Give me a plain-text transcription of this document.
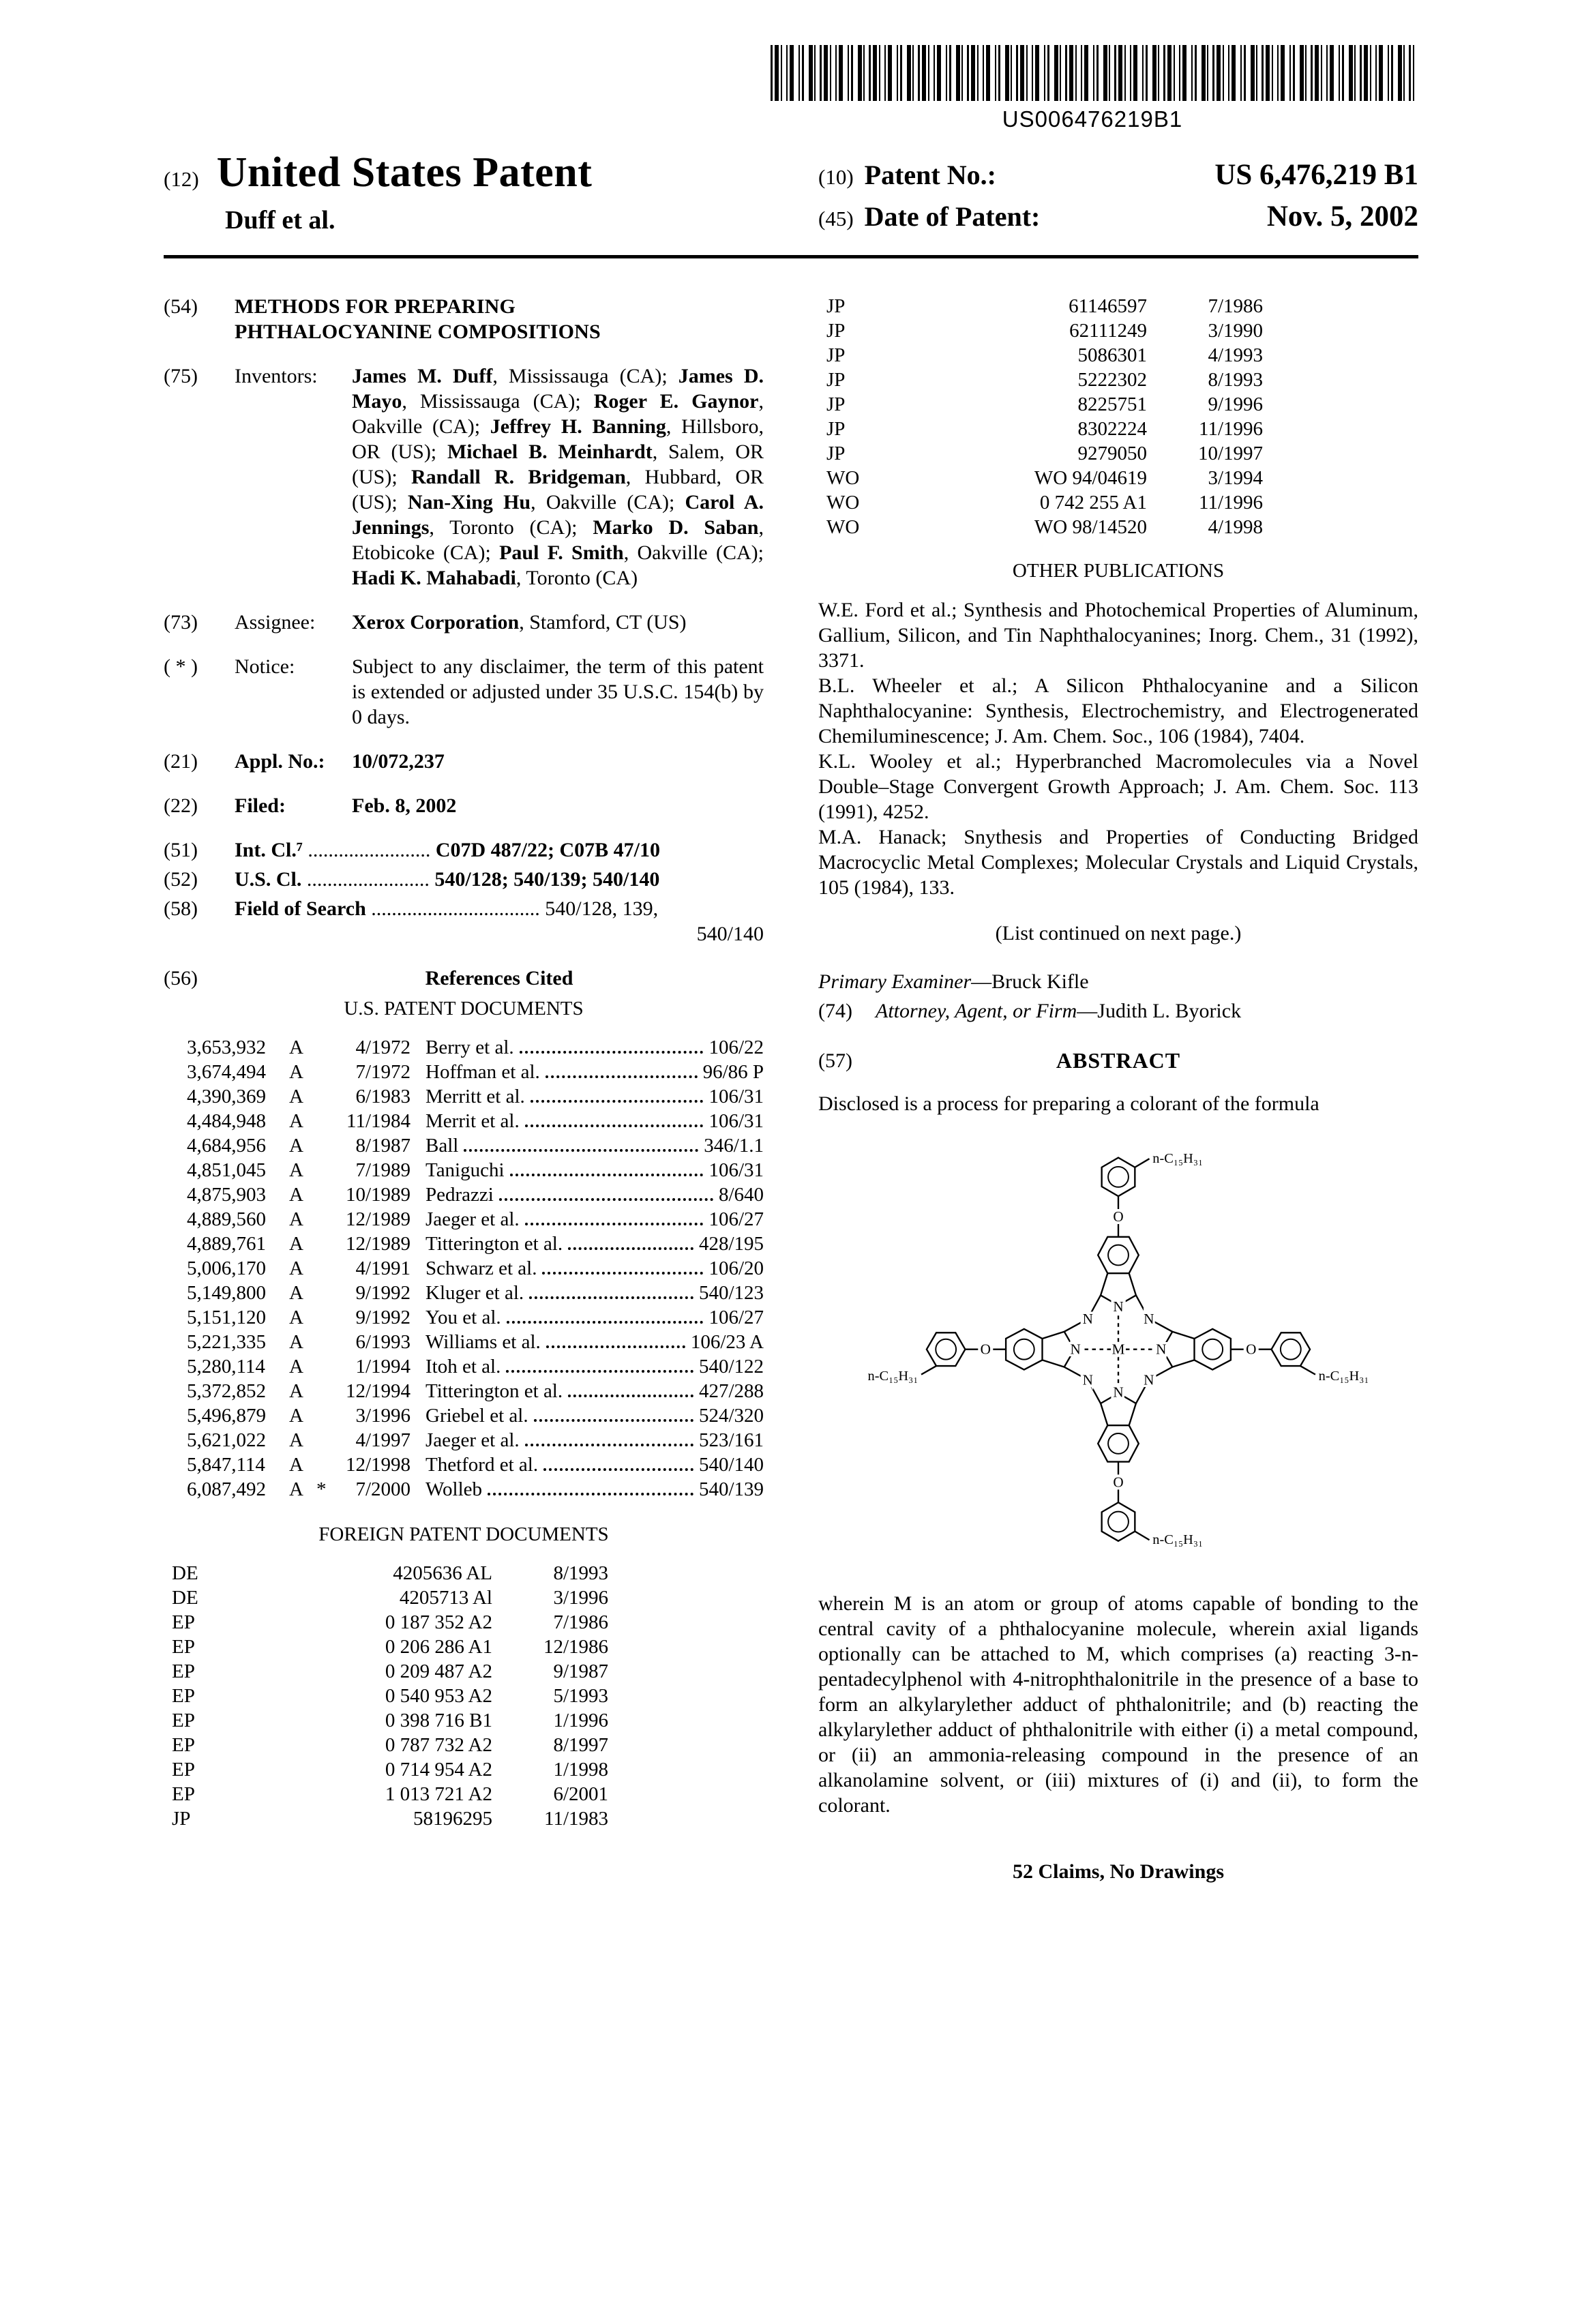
US006476219B1
(12) United States Patent
Duff et al.
(10) Patent No.:	US 6,476,219 B1
(45) Date of Patent:	Nov. 5, 2002
(54)	METHODS FOR PREPARING PHTHALOCYANINE COMPOSITIONS
(75)	Inventors:	James M. Duff, Mississauga (CA); James D. Mayo, Mississauga (CA); Roger E. Gaynor, Oakville (CA); Jeffrey H. Banning, Hillsboro, OR (US); Michael B. Meinhardt, Salem, OR (US); Randall R. Bridgeman, Hubbard, OR (US); Nan-Xing Hu, Oakville (CA); Carol A. Jennings, Toronto (CA); Marko D. Saban, Etobicoke (CA); Paul F. Smith, Oakville (CA); Hadi K. Mahabadi, Toronto (CA)
(73)	Assignee:	Xerox Corporation, Stamford, CT (US)
( * )	Notice:	Subject to any disclaimer, the term of this patent is extended or adjusted under 35 U.S.C. 154(b) by 0 days.
(21)	Appl. No.:	10/072,237
(22)	Filed:	Feb. 8, 2002
(51)	Int. Cl.⁷ ........................ C07D 487/22; C07B 47/10
(52)	U.S. Cl. ........................ 540/128; 540/139; 540/140
(58)	Field of Search ................................. 540/128, 139,
540/140
(56)	References Cited
U.S. PATENT DOCUMENTS
3,653,932	A	4/1972 Berry et al.	106/22
3,674,494	A	7/1972 Hoffman et al.	96/86 P
4,390,369	A	6/1983 Merritt et al.	106/31
4,484,948	A	11/1984 Merrit et al.	106/31
4,684,956	A	8/1987 Ball	346/1.1
4,851,045	A	7/1989 Taniguchi	106/31
4,875,903	A	10/1989 Pedrazzi	8/640
4,889,560	A	12/1989 Jaeger et al.	106/27
4,889,761	A	12/1989 Titterington et al.	428/195
5,006,170	A	4/1991 Schwarz et al.	106/20
5,149,800	A	9/1992 Kluger et al.	540/123
5,151,120	A	9/1992 You et al.	106/27
5,221,335	A	6/1993 Williams et al.	106/23 A
5,280,114	A	1/1994 Itoh et al.	540/122
5,372,852	A	12/1994 Titterington et al.	427/288
5,496,879	A	3/1996 Griebel et al.	524/320
5,621,022	A	4/1997 Jaeger et al.	523/161
5,847,114	A	12/1998 Thetford et al.	540/140
6,087,492	A *	7/2000 Wolleb	540/139
FOREIGN PATENT DOCUMENTS
DE	4205636 AL	8/1993
DE	4205713 Al	3/1996
EP	0 187 352 A2	7/1986
EP	0 206 286 A1	12/1986
EP	0 209 487 A2	9/1987
EP	0 540 953 A2	5/1993
EP	0 398 716 B1	1/1996
EP	0 787 732 A2	8/1997
EP	0 714 954 A2	1/1998
EP	1 013 721 A2	6/2001
JP	58196295	11/1983
JP	61146597	7/1986
JP	62111249	3/1990
JP	5086301	4/1993
JP	5222302	8/1993
JP	8225751	9/1996
JP	8302224	11/1996
JP	9279050	10/1997
WO	WO 94/04619	3/1994
WO	0 742 255 A1	11/1996
WO	WO 98/14520	4/1998
OTHER PUBLICATIONS

W.E. Ford et al.; Synthesis and Photochemical Properties of Aluminum, Gallium, Silicon, and Tin Naphthalocyanines; Inorg. Chem., 31 (1992), 3371.

B.L. Wheeler et al.; A Silicon Phthalocyanine and a Silicon Naphthalocyanine: Synthesis, Electrochemistry, and Electrogenerated Chemiluminescence; J. Am. Chem. Soc., 106 (1984), 7404.

K.L. Wooley et al.; Hyperbranched Macromolecules via a Novel Double–Stage Convergent Growth Approach; J. Am. Chem. Soc. 113 (1991), 4252.

M.A. Hanack; Snythesis and Properties of Conducting Bridged Macrocyclic Metal Complexes; Molecular Crystals and Liquid Crystals, 105 (1984), 133.

(List continued on next page.)
Primary Examiner—Bruck Kifle
(74)	Attorney, Agent, or Firm—Judith L. Byorick
(57)	ABSTRACT
Disclosed is a process for preparing a colorant of the formula
M
N
N
N	N
N	N
N	N
O
O
O	O
n-C₁₅H₃₁
n-C₁₅H₃₁
n-C₁₅H₃₁
n-C₁₅H₃₁
wherein M is an atom or group of atoms capable of bonding to the central cavity of a phthalocyanine molecule, wherein axial ligands optionally can be attached to M, which comprises (a) reacting 3-n-pentadecylphenol with 4-nitrophthalonitrile in the presence of a base to form an alkylarylether adduct of phthalonitrile; and (b) reacting the alkylarylether adduct of phthalonitrile with either (i) a metal compound, or (ii) an ammonia-releasing compound in the presence of an alkanolamine solvent, or (iii) mixtures of (i) and (ii), to form the colorant.
52 Claims, No Drawings
